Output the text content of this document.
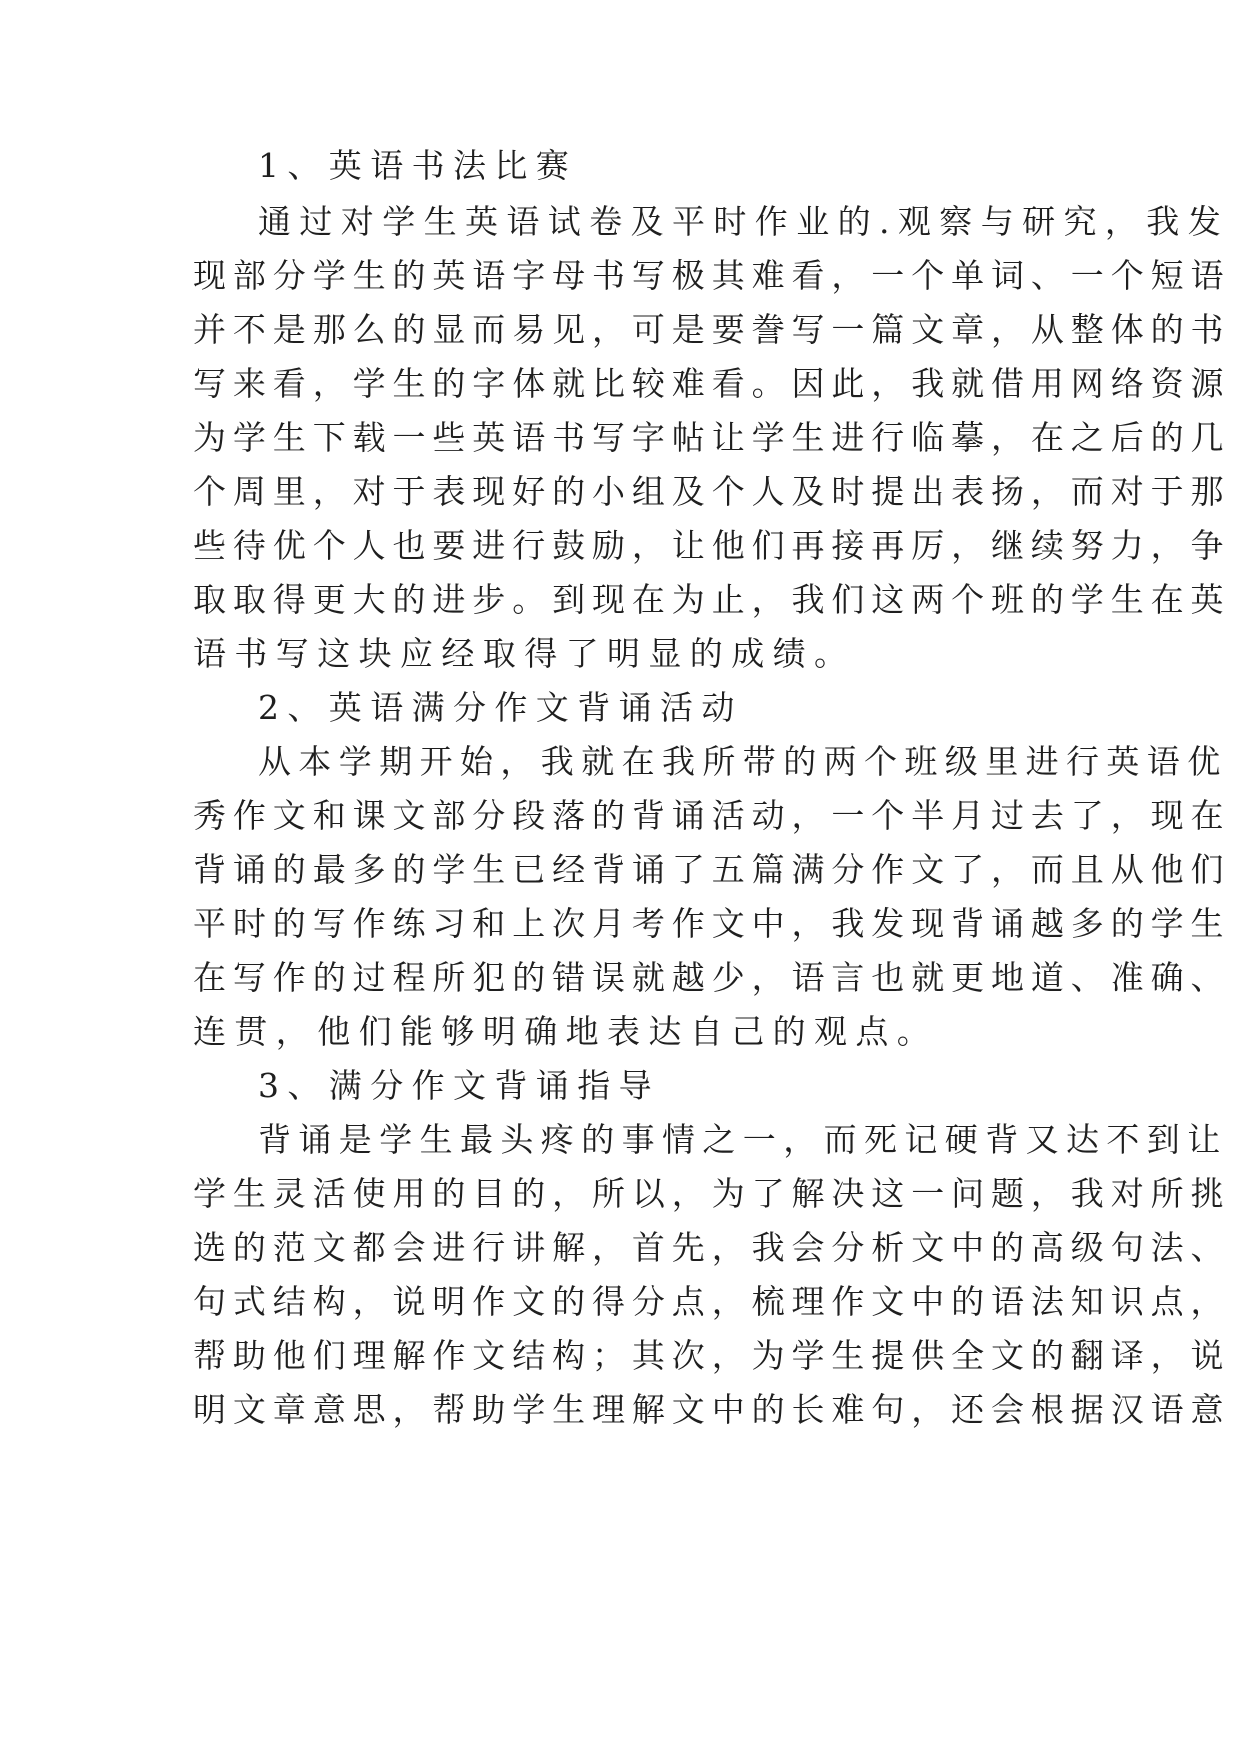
1、英语书法比赛
通过对学生英语试卷及平时作业的.观察与研究，我发
现部分学生的英语字母书写极其难看，一个单词、一个短语
并不是那么的显而易见，可是要誊写一篇文章，从整体的书
写来看，学生的字体就比较难看。因此，我就借用网络资源
为学生下载一些英语书写字帖让学生进行临摹，在之后的几
个周里，对于表现好的小组及个人及时提出表扬，而对于那
些待优个人也要进行鼓励，让他们再接再厉，继续努力，争
取取得更大的进步。到现在为止，我们这两个班的学生在英
语书写这块应经取得了明显的成绩。
2、英语满分作文背诵活动
从本学期开始，我就在我所带的两个班级里进行英语优
秀作文和课文部分段落的背诵活动，一个半月过去了，现在
背诵的最多的学生已经背诵了五篇满分作文了，而且从他们
平时的写作练习和上次月考作文中，我发现背诵越多的学生
在写作的过程所犯的错误就越少，语言也就更地道、准确、
连贯，他们能够明确地表达自己的观点。
3、满分作文背诵指导
背诵是学生最头疼的事情之一，而死记硬背又达不到让
学生灵活使用的目的，所以，为了解决这一问题，我对所挑
选的范文都会进行讲解，首先，我会分析文中的高级句法、
句式结构，说明作文的得分点，梳理作文中的语法知识点，
帮助他们理解作文结构；其次，为学生提供全文的翻译，说
明文章意思，帮助学生理解文中的长难句，还会根据汉语意
